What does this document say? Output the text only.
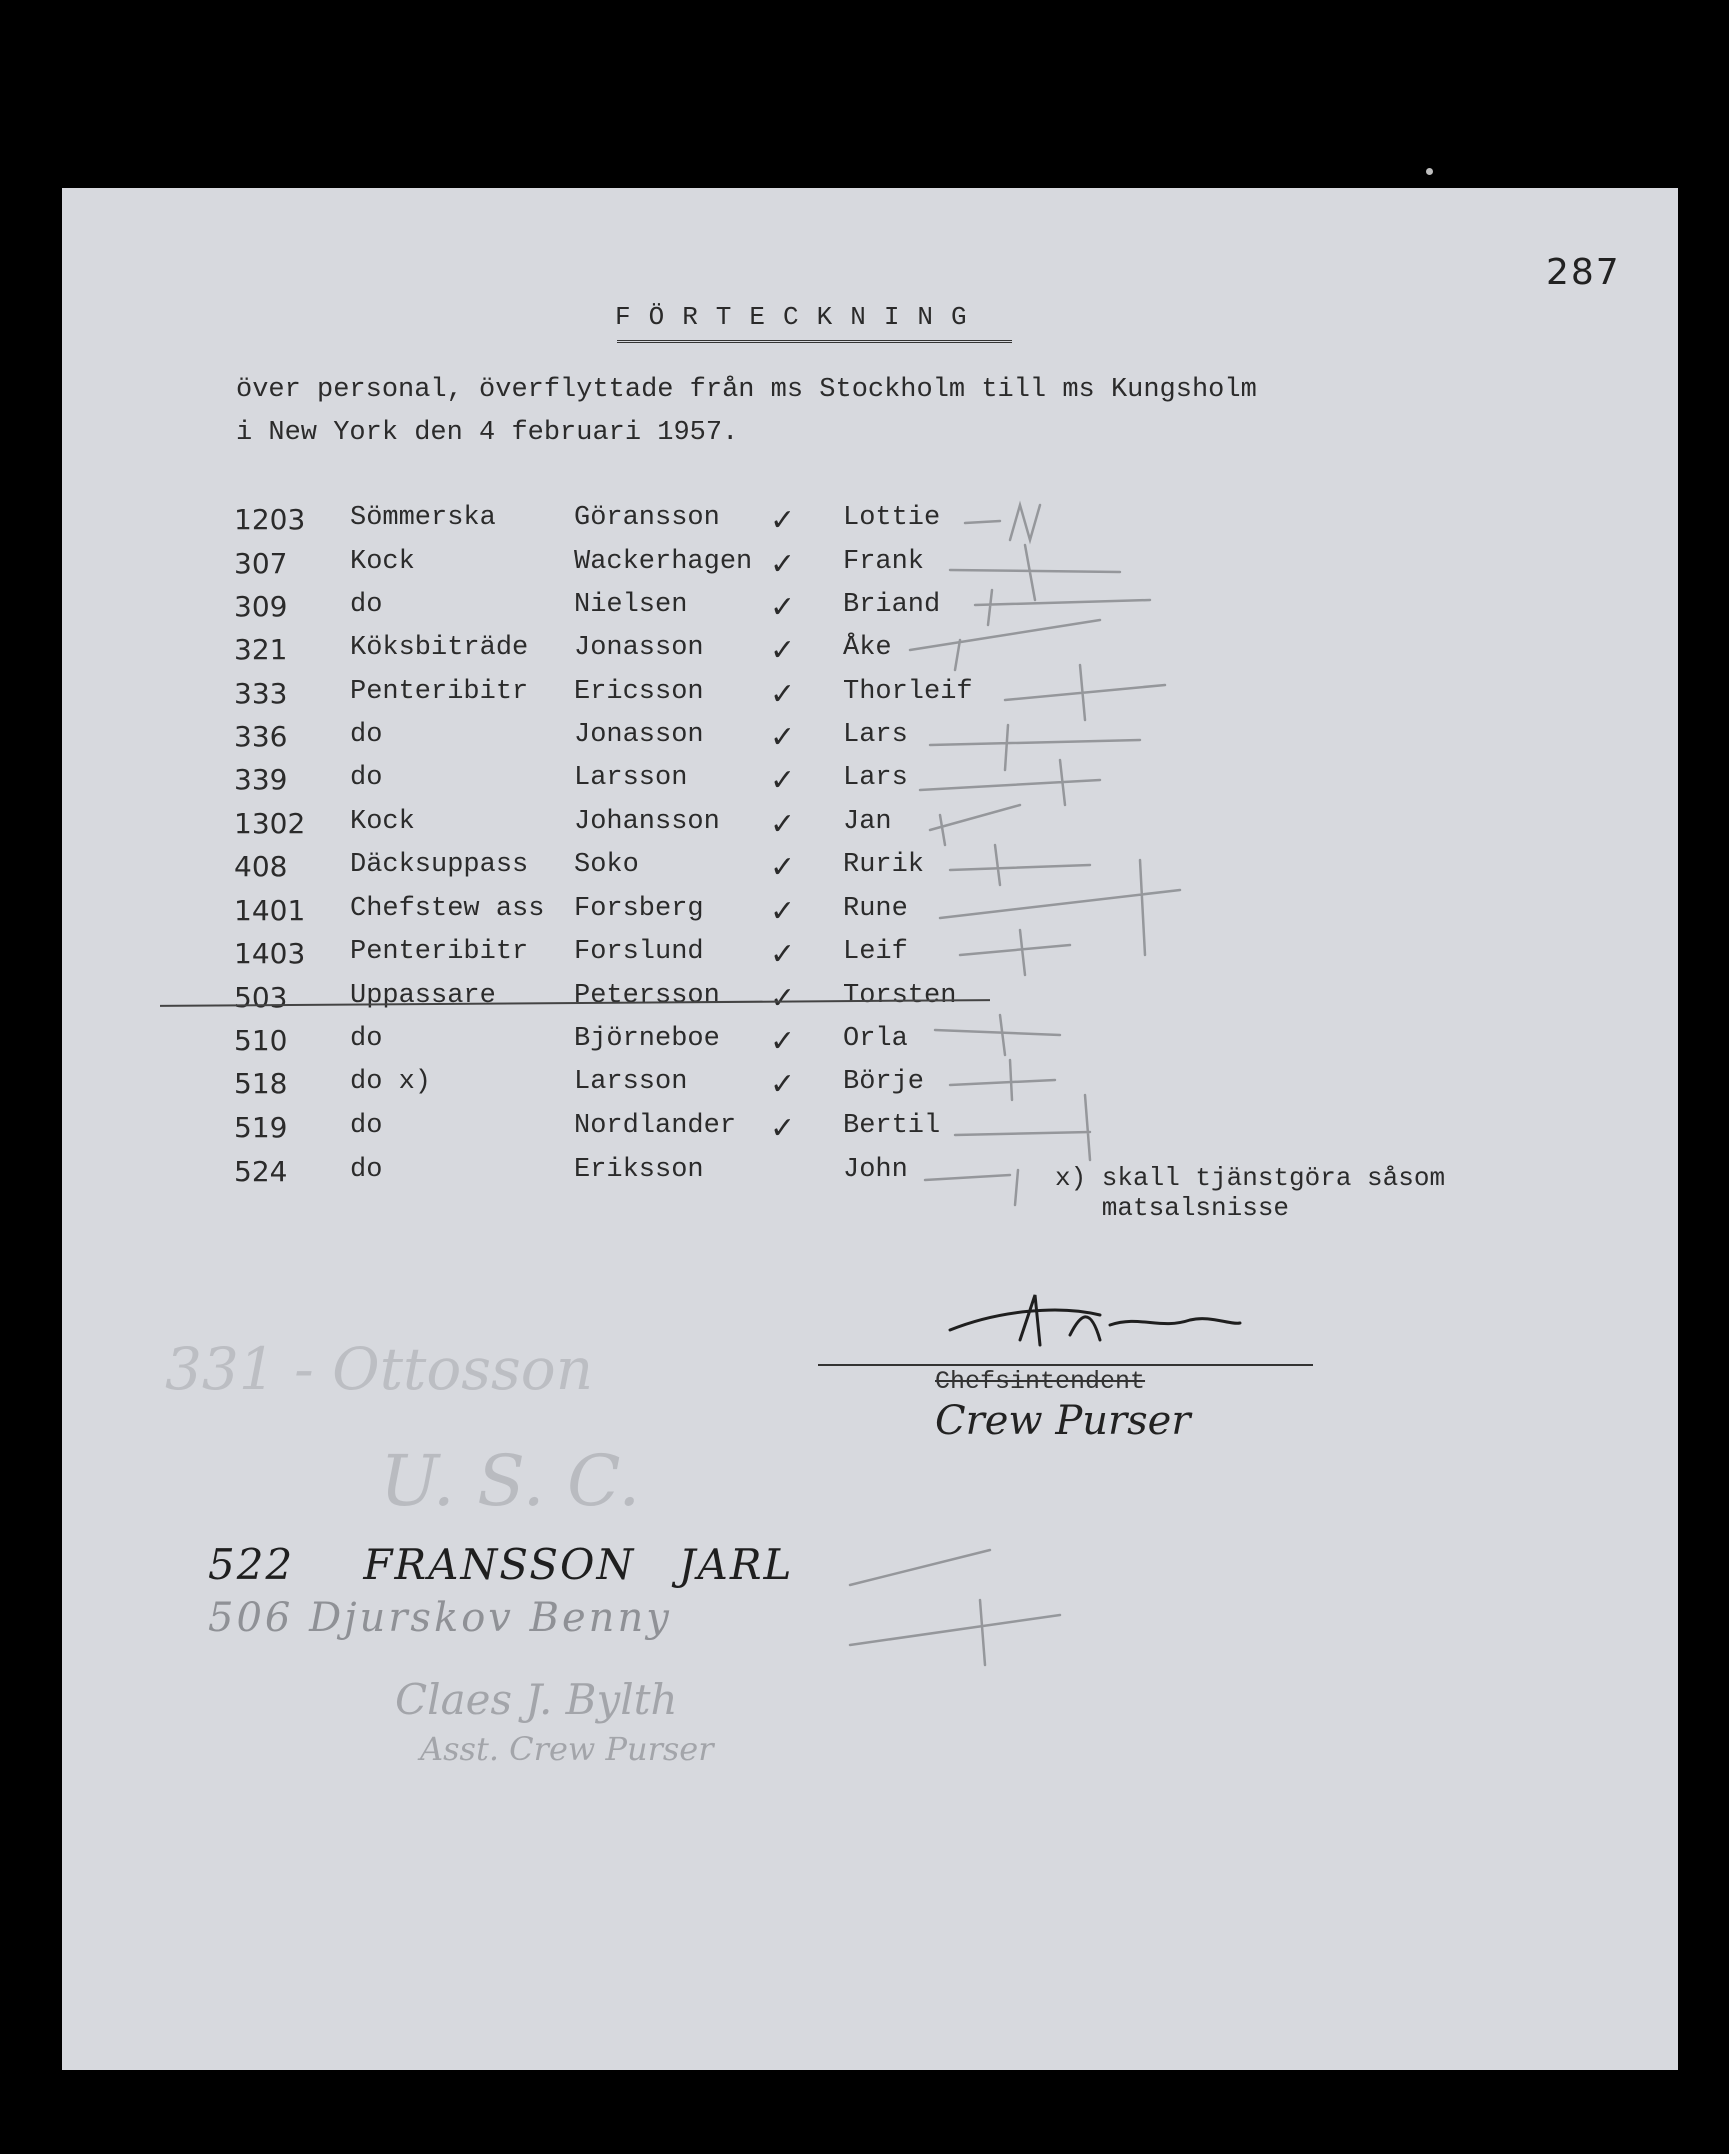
287
FÖRTECKNING
över personal, överflyttade från ms Stockholm till ms Kungsholm
i New York den 4 februari 1957.
1203 Sömmerska	Göransson ✓ Lottie
307 Kock	Wackerhagen ✓ Frank
309 do	Nielsen	✓ Briand
321 Köksbiträde Jonasson ✓ Åke
333 Penteribitr Ericsson ✓ Thorleif
336 do	Jonasson ✓ Lars
339 do	Larsson	✓ Lars
1302 Kock	Johansson ✓ Jan
408 Däcksuppass Soko	✓ Rurik
1401 Chefstew ass Forsberg ✓ Rune
1403 Penteribitr Forslund ✓ Leif
503 Uppassare	Petersson ✓ Torsten
510 do	Björneboe ✓ Orla
518 do x)	Larsson	✓ Börje
519 do	Nordlander ✓ Bertil
524 do	Eriksson	John	x) skall tjänstgöra såsom
matsalsnisse
Chefsintendent
Crew Purser
331 - Ottosson
U. S. C.
522 FRANSSON JARL
506 Djurskov Benny
Claes J. Bylth
Asst. Crew Purser
